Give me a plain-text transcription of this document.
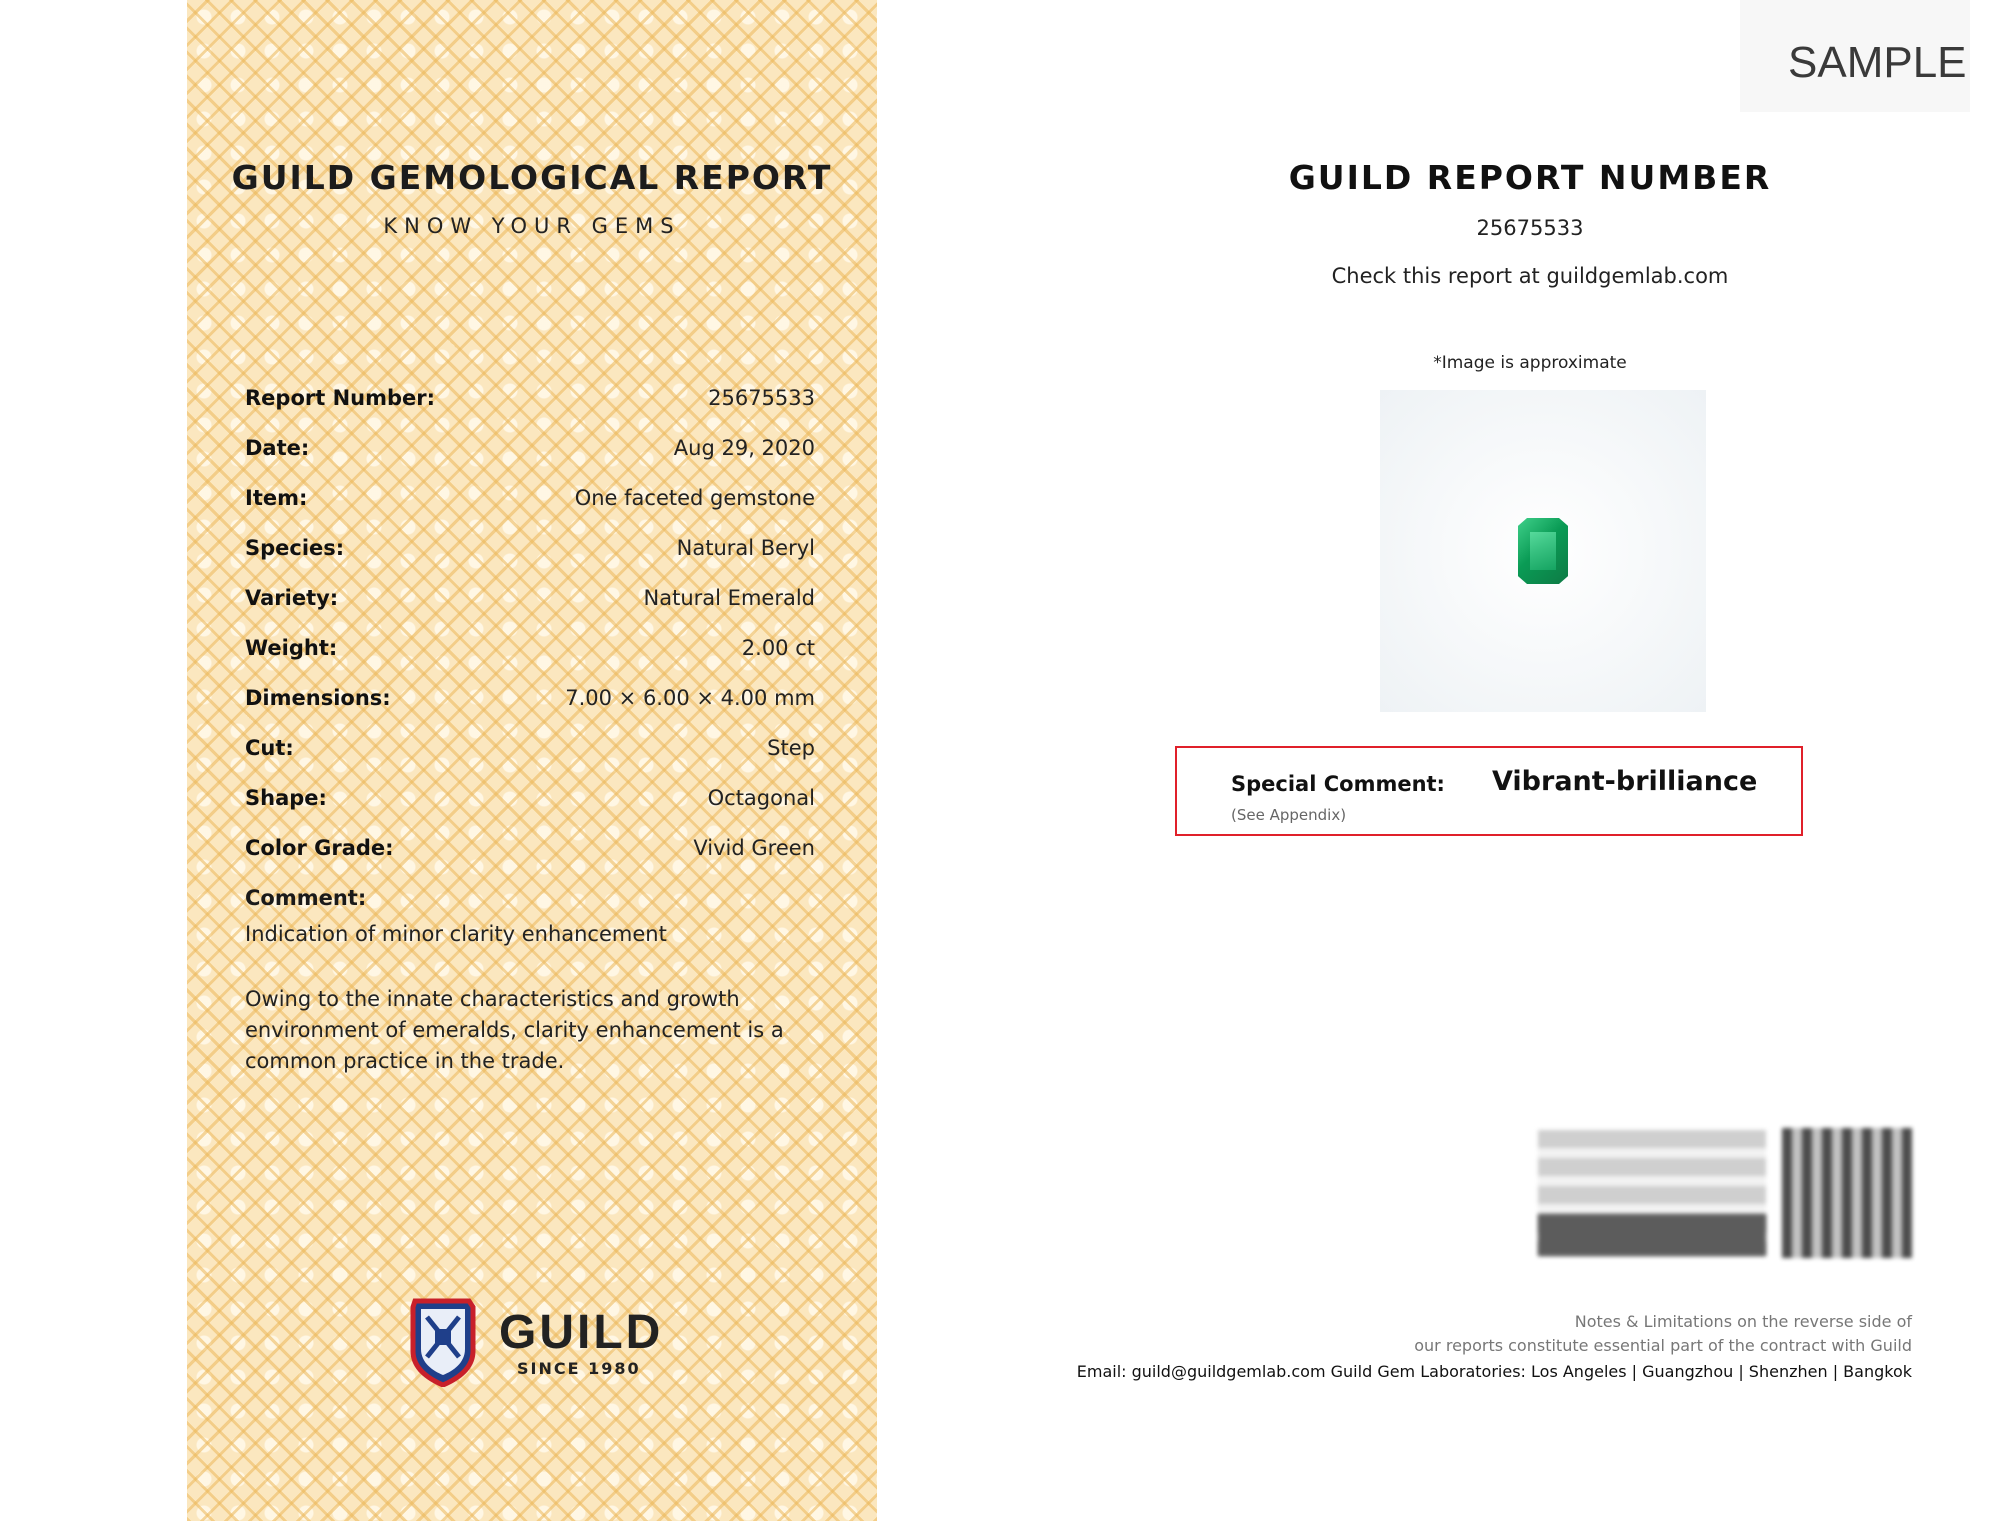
GUILD GEMOLOGICAL REPORT
KNOW YOUR GEMS
Report Number:	25675533
Date:	Aug 29, 2020
Item:	One faceted gemstone
Species:	Natural Beryl
Variety:	Natural Emerald
Weight:	2.00 ct
Dimensions:	7.00 × 6.00 × 4.00 mm
Cut:	Step
Shape:	Octagonal
Color Grade:	Vivid Green
Comment:
Indication of minor clarity enhancement
Owing to the innate characteristics and growth environment of emeralds, clarity enhancement is a common practice in the trade.
GUILD
SINCE 1980
SAMPLE
GUILD REPORT NUMBER
25675533
Check this report at guildgemlab.com
*Image is approximate
Special Comment:
(See Appendix)
Vibrant-brilliance
Notes & Limitations on the reverse side of
our reports constitute essential part of the contract with Guild
Email: guild@guildgemlab.com Guild Gem Laboratories: Los Angeles | Guangzhou | Shenzhen | Bangkok
